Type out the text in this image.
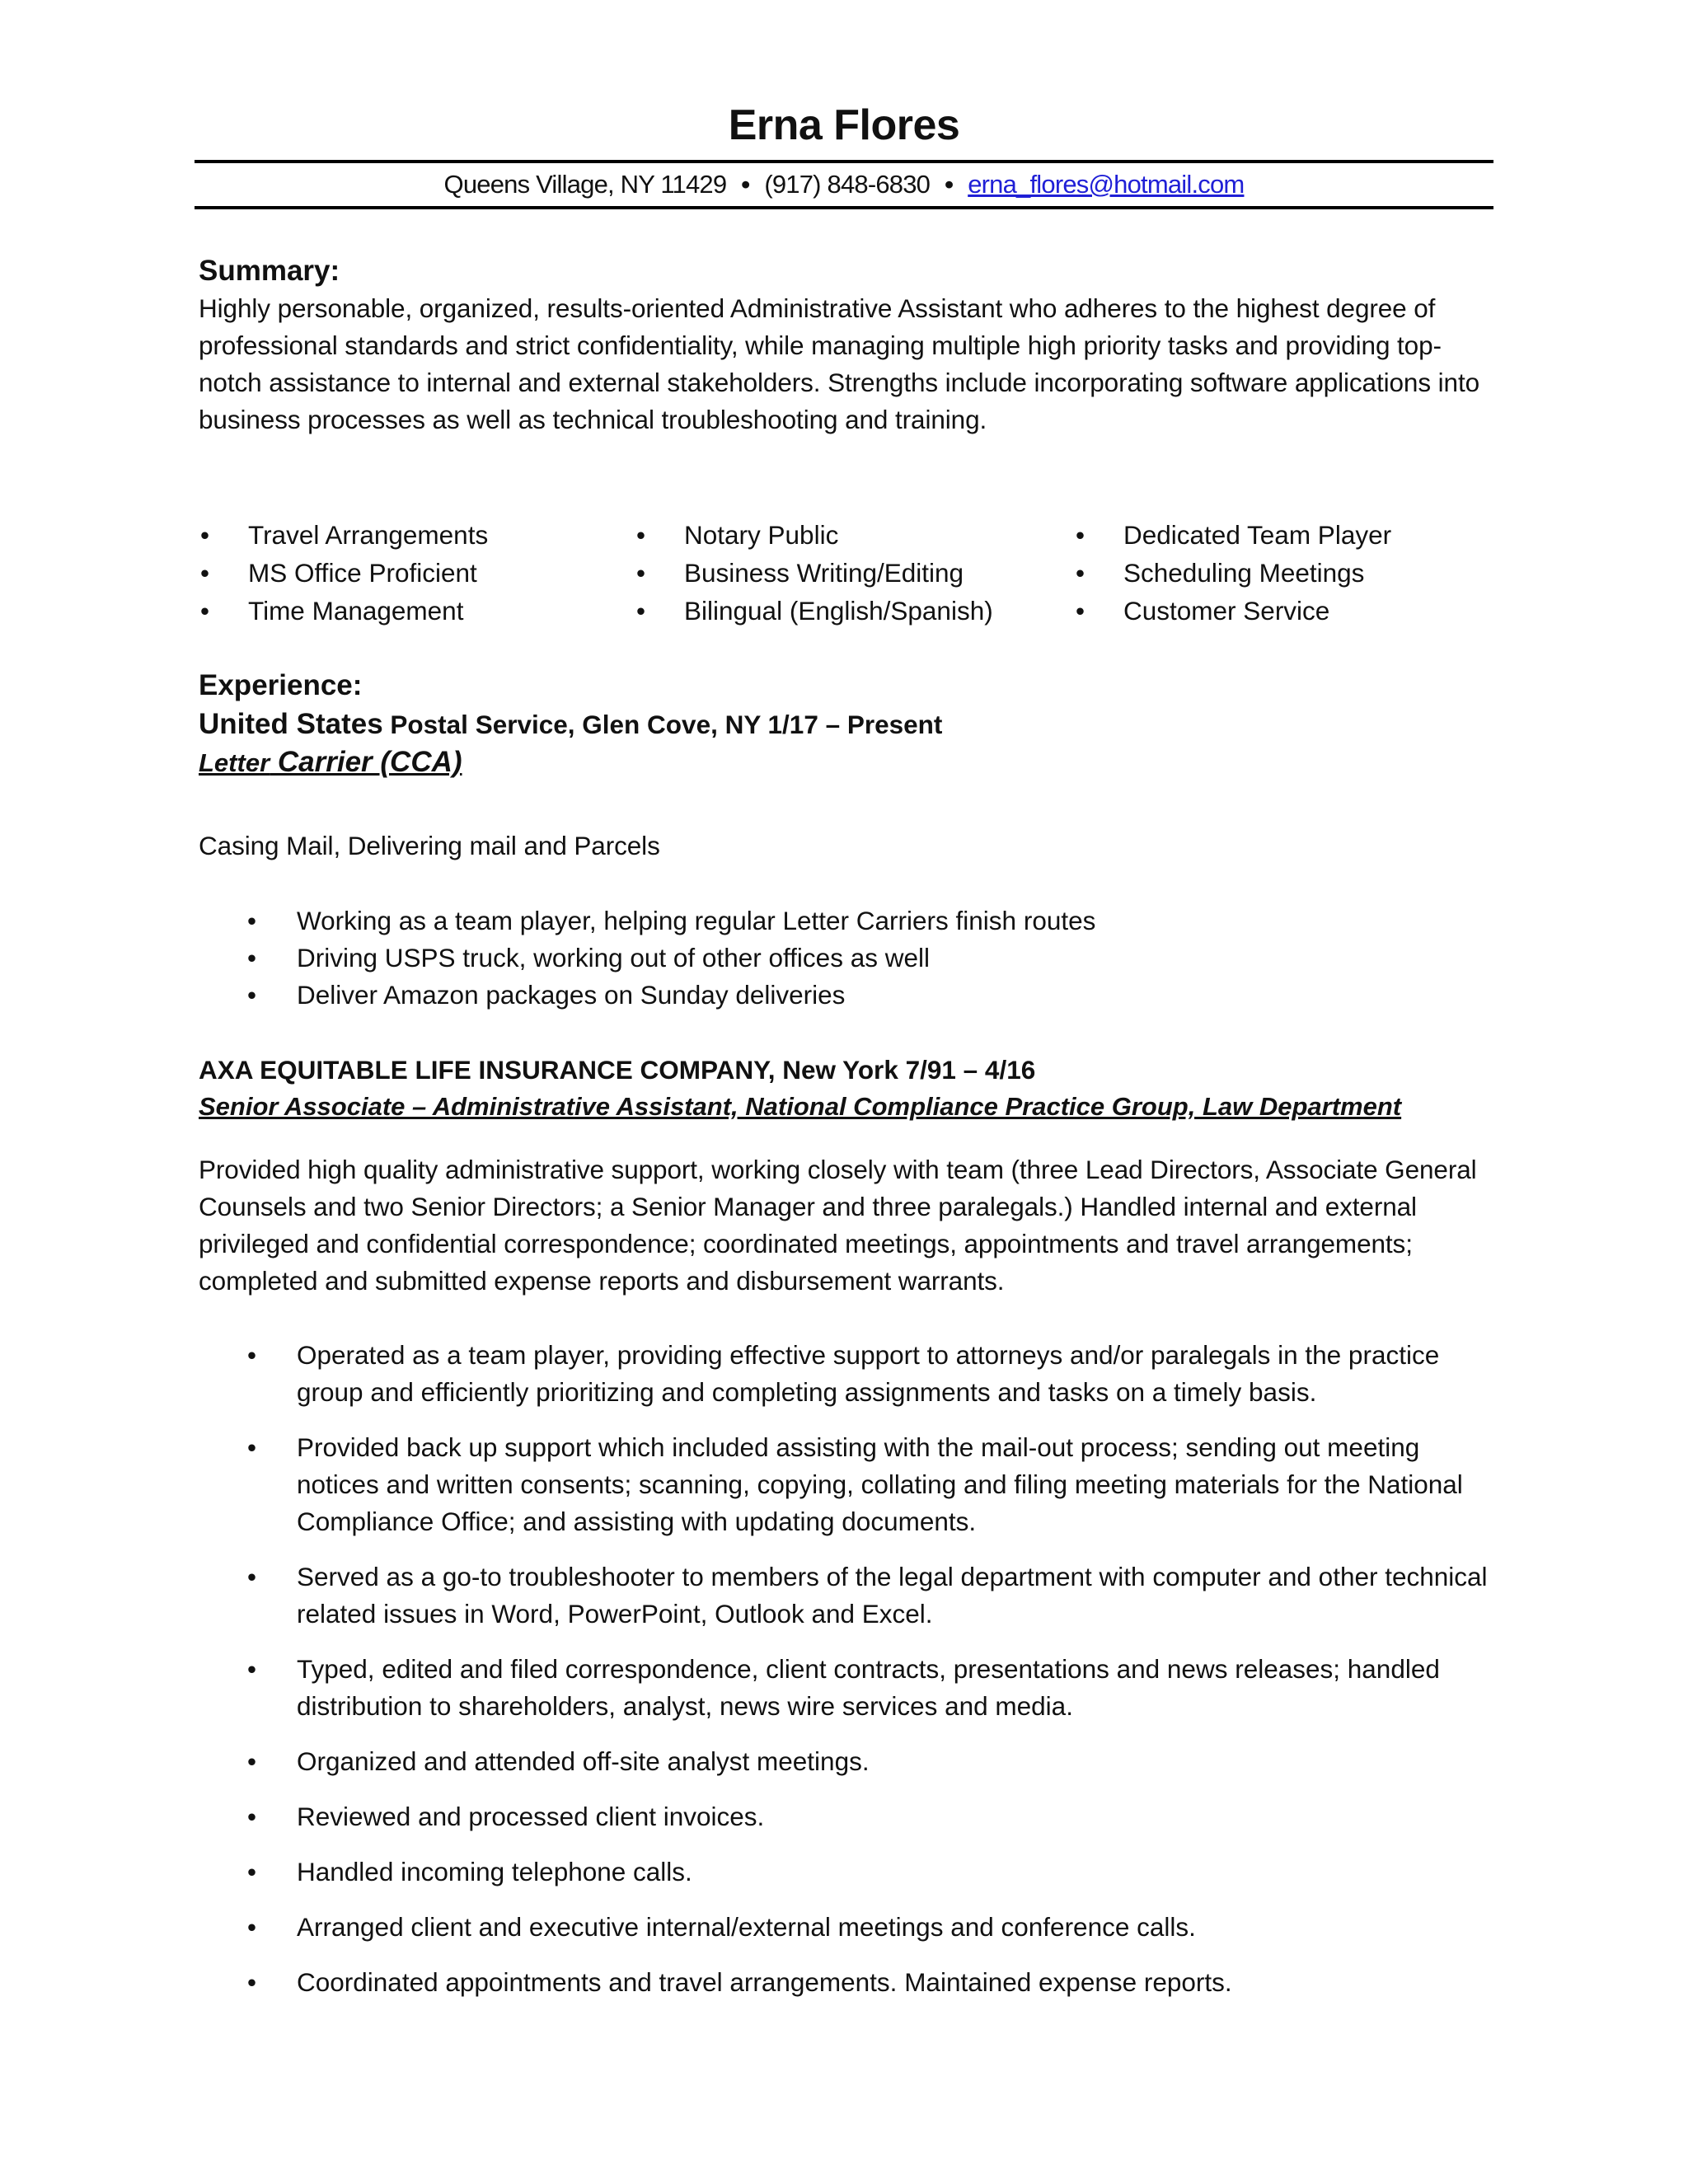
Erna Flores
Queens Village, NY 11429 • (917) 848-6830 • erna_flores@hotmail.com
Summary:
Highly personable, organized, results-oriented Administrative Assistant who adheres to the highest degree of professional standards and strict confidentiality, while managing multiple high priority tasks and providing top-notch assistance to internal and external stakeholders. Strengths include incorporating software applications into business processes as well as technical troubleshooting and training.
• Travel Arrangements
• MS Office Proficient
• Time Management
• Notary Public
• Business Writing/Editing
• Bilingual (English/Spanish)
• Dedicated Team Player
• Scheduling Meetings
• Customer Service
Experience:
United States Postal Service, Glen Cove, NY 1/17 – Present
Letter Carrier (CCA)
Casing Mail, Delivering mail and Parcels
• Working as a team player, helping regular Letter Carriers finish routes
• Driving USPS truck, working out of other offices as well
• Deliver Amazon packages on Sunday deliveries
AXA EQUITABLE LIFE INSURANCE COMPANY, New York 7/91 – 4/16
Senior Associate – Administrative Assistant, National Compliance Practice Group, Law Department
Provided high quality administrative support, working closely with team (three Lead Directors, Associate General Counsels and two Senior Directors; a Senior Manager and three paralegals.) Handled internal and external privileged and confidential correspondence; coordinated meetings, appointments and travel arrangements; completed and submitted expense reports and disbursement warrants.
• Operated as a team player, providing effective support to attorneys and/or paralegals in the practice group and efficiently prioritizing and completing assignments and tasks on a timely basis.
• Provided back up support which included assisting with the mail-out process; sending out meeting notices and written consents; scanning, copying, collating and filing meeting materials for the National Compliance Office; and assisting with updating documents.
• Served as a go-to troubleshooter to members of the legal department with computer and other technical related issues in Word, PowerPoint, Outlook and Excel.
• Typed, edited and filed correspondence, client contracts, presentations and news releases; handled distribution to shareholders, analyst, news wire services and media.
• Organized and attended off-site analyst meetings.
• Reviewed and processed client invoices.
• Handled incoming telephone calls.
• Arranged client and executive internal/external meetings and conference calls.
• Coordinated appointments and travel arrangements. Maintained expense reports.
